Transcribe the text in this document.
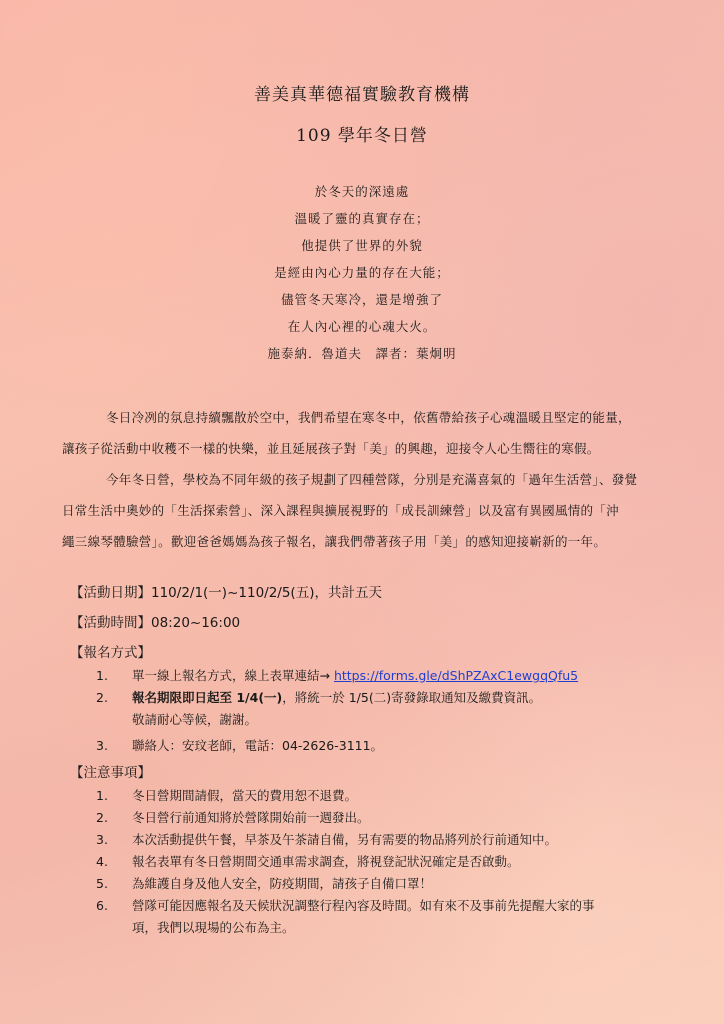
善美真華德福實驗教育機構
109 學年冬日營
於冬天的深遠處
溫暖了靈的真實存在；
他提供了世界的外貌
是經由內心力量的存在大能；
儘管冬天寒冷，還是增強了
在人內心裡的心魂大火。
施泰納．魯道夫　譯者：葉炯明
冬日冷冽的氛息持續飄散於空中，我們希望在寒冬中，依舊帶給孩子心魂溫暖且堅定的能量，
讓孩子從活動中收穫不一樣的快樂，並且延展孩子對「美」的興趣，迎接令人心生嚮往的寒假。
今年冬日營，學校為不同年級的孩子規劃了四種營隊，分別是充滿喜氣的「過年生活營」、發覺
日常生活中奧妙的「生活探索營」、深入課程與擴展視野的「成長訓練營」以及富有異國風情的「沖
繩三線琴體驗營」。歡迎爸爸媽媽為孩子報名，讓我們帶著孩子用「美」的感知迎接嶄新的一年。
【活動日期】110/2/1(一)~110/2/5(五)，共計五天
【活動時間】08:20~16:00
【報名方式】
1.	單一線上報名方式，線上表單連結→ https://forms.gle/dShPZAxC1ewgqQfu5
2.	報名期限即日起至 1/4(一)，將統一於 1/5(二)寄發錄取通知及繳費資訊。
敬請耐心等候，謝謝。
3.	聯絡人：安玟老師，電話：04-2626-3111。
【注意事項】
1.	冬日營期間請假，當天的費用恕不退費。
2.	冬日營行前通知將於營隊開始前一週發出。
3.	本次活動提供午餐，早茶及午茶請自備，另有需要的物品將列於行前通知中。
4.	報名表單有冬日營期間交通車需求調查，將視登記狀況確定是否啟動。
5.	為維護自身及他人安全，防疫期間，請孩子自備口罩！
6.	營隊可能因應報名及天候狀況調整行程內容及時間。如有來不及事前先提醒大家的事
項，我們以現場的公布為主。
